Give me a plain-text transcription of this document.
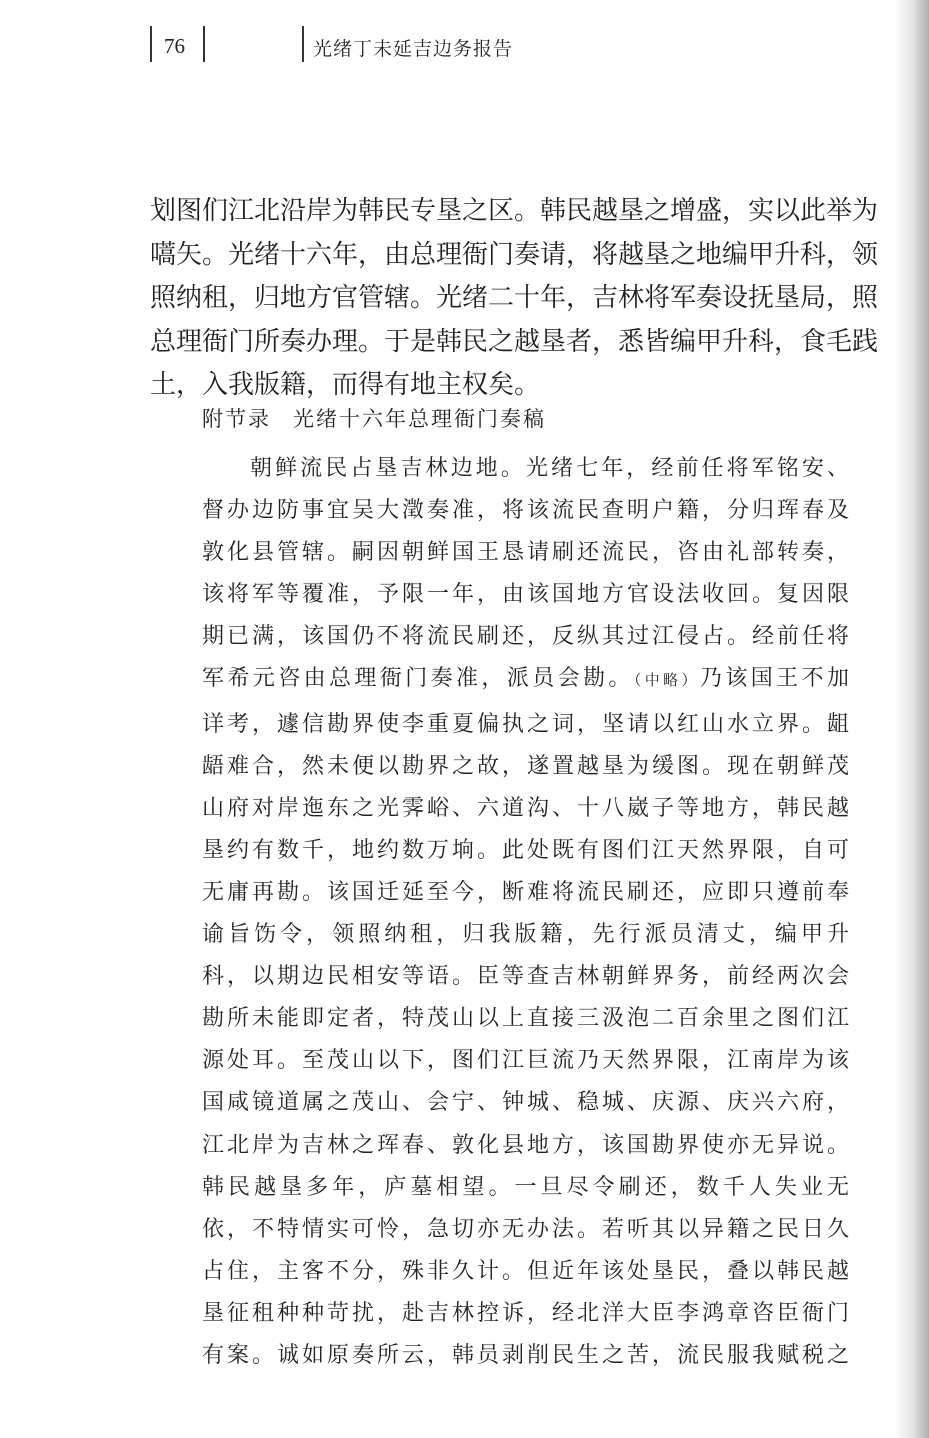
76	光绪丁未延吉边务报告
划图们江北沿岸为韩民专垦之区。韩民越垦之增盛，实以此举为
嚆矢。光绪十六年，由总理衙门奏请，将越垦之地编甲升科，领
照纳租，归地方官管辖。光绪二十年，吉林将军奏设抚垦局，照
总理衙门所奏办理。于是韩民之越垦者，悉皆编甲升科，食毛践
土，入我版籍，而得有地主权矣。
附节录 光绪十六年总理衙门奏稿
朝鲜流民占垦吉林边地。光绪七年，经前任将军铭安、
督办边防事宜吴大澂奏准，将该流民查明户籍，分归珲春及
敦化县管辖。嗣因朝鲜国王恳请刷还流民，咨由礼部转奏，
该将军等覆准，予限一年，由该国地方官设法收回。复因限
期已满，该国仍不将流民刷还，反纵其过江侵占。经前任将
军希元咨由总理衙门奏准，派员会勘。（中略）乃该国王不加
详考，遽信勘界使李重夏偏执之词，坚请以红山水立界。龃
龉难合，然未便以勘界之故，遂置越垦为缓图。现在朝鲜茂
山府对岸迤东之光霁峪、六道沟、十八崴子等地方，韩民越
垦约有数千，地约数万垧。此处既有图们江天然界限，自可
无庸再勘。该国迁延至今，断难将流民刷还，应即只遵前奉
谕旨饬令，领照纳租，归我版籍，先行派员清丈，编甲升
科，以期边民相安等语。臣等查吉林朝鲜界务，前经两次会
勘所未能即定者，特茂山以上直接三汲泡二百余里之图们江
源处耳。至茂山以下，图们江巨流乃天然界限，江南岸为该
国咸镜道属之茂山、会宁、钟城、稳城、庆源、庆兴六府，
江北岸为吉林之珲春、敦化县地方，该国勘界使亦无异说。
韩民越垦多年，庐墓相望。一旦尽令刷还，数千人失业无
依，不特情实可怜，急切亦无办法。若听其以异籍之民日久
占住，主客不分，殊非久计。但近年该处垦民，叠以韩民越
垦征租种种苛扰，赴吉林控诉，经北洋大臣李鸿章咨臣衙门
有案。诚如原奏所云，韩员剥削民生之苦，流民服我赋税之
